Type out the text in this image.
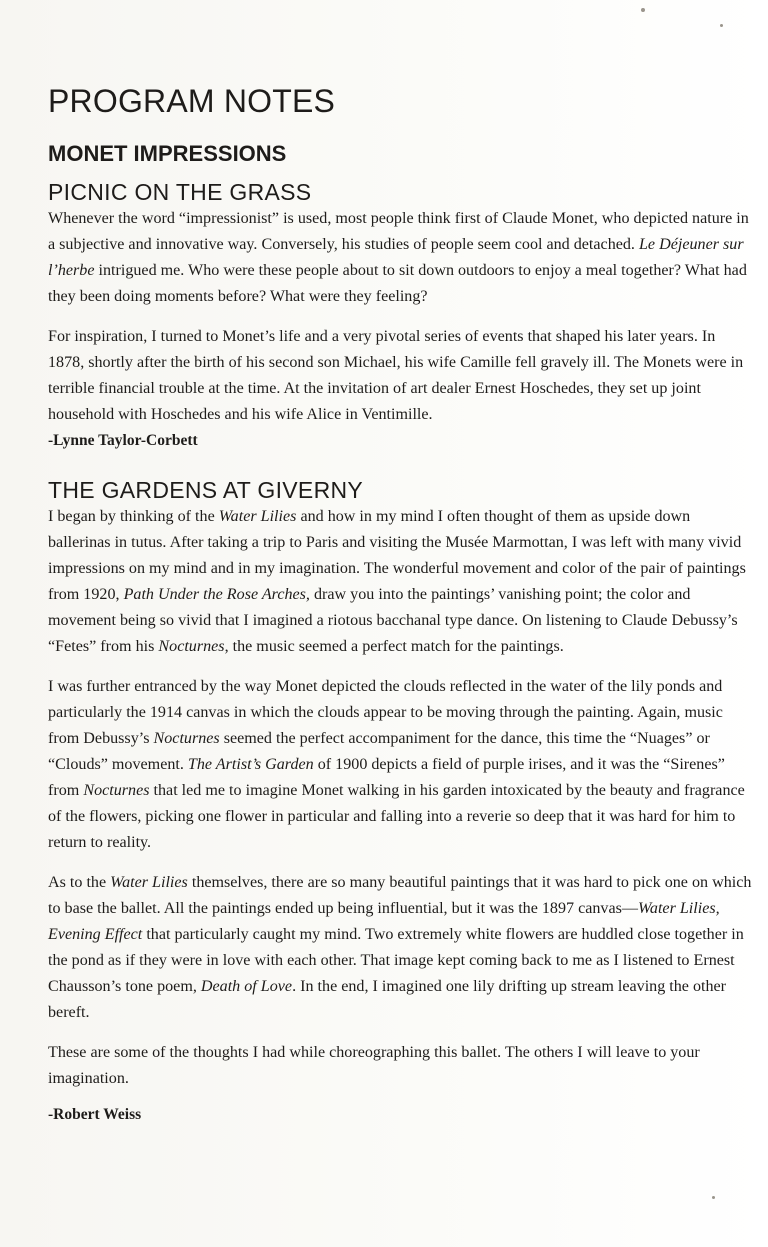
PROGRAM NOTES
MONET IMPRESSIONS
PICNIC ON THE GRASS

Whenever the word “impressionist” is used, most people think first of Claude Monet, who depicted nature in a subjective and innovative way. Conversely, his studies of people seem cool and detached. Le Déjeuner sur l’herbe intrigued me. Who were these people about to sit down outdoors to enjoy a meal together? What had they been doing moments before? What were they feeling?

For inspiration, I turned to Monet’s life and a very pivotal series of events that shaped his later years. In 1878, shortly after the birth of his second son Michael, his wife Camille fell gravely ill. The Monets were in terrible financial trouble at the time. At the invitation of art dealer Ernest Hoschedes, they set up joint household with Hoschedes and his wife Alice in Ventimille.

-Lynne Taylor-Corbett

THE GARDENS AT GIVERNY

I began by thinking of the Water Lilies and how in my mind I often thought of them as upside down ballerinas in tutus. After taking a trip to Paris and visiting the Musée Marmottan, I was left with many vivid impressions on my mind and in my imagination. The wonderful movement and color of the pair of paintings from 1920, Path Under the Rose Arches, draw you into the paintings’ vanishing point; the color and movement being so vivid that I imagined a riotous bacchanal type dance. On listening to Claude Debussy’s “Fetes” from his Nocturnes, the music seemed a perfect match for the paintings.

I was further entranced by the way Monet depicted the clouds reflected in the water of the lily ponds and particularly the 1914 canvas in which the clouds appear to be moving through the painting. Again, music from Debussy’s Nocturnes seemed the perfect accompaniment for the dance, this time the “Nuages” or “Clouds” movement. The Artist’s Garden of 1900 depicts a field of purple irises, and it was the “Sirenes” from Nocturnes that led me to imagine Monet walking in his garden intoxicated by the beauty and fragrance of the flowers, picking one flower in particular and falling into a reverie so deep that it was hard for him to return to reality.

As to the Water Lilies themselves, there are so many beautiful paintings that it was hard to pick one on which to base the ballet. All the paintings ended up being influential, but it was the 1897 canvas—Water Lilies, Evening Effect that particularly caught my mind. Two extremely white flowers are huddled close together in the pond as if they were in love with each other. That image kept coming back to me as I listened to Ernest Chausson’s tone poem, Death of Love. In the end, I imagined one lily drifting up stream leaving the other bereft.

These are some of the thoughts I had while choreographing this ballet. The others I will leave to your imagination.

-Robert Weiss
